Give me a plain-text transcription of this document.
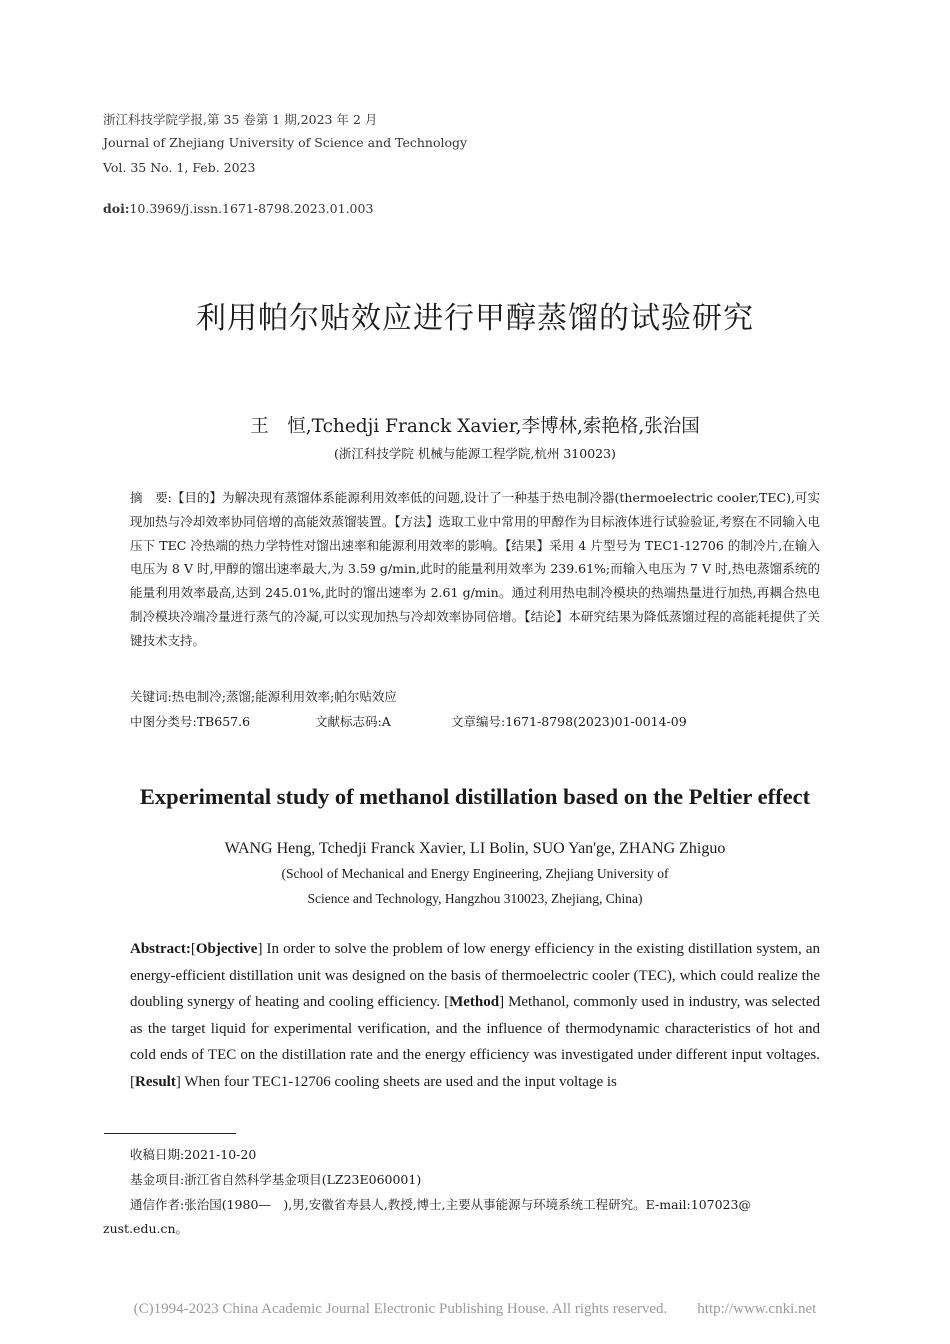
浙江科技学院学报,第 35 卷第 1 期,2023 年 2 月
Journal of Zhejiang University of Science and Technology
Vol. 35 No. 1, Feb. 2023
doi:10.3969/j.issn.1671-8798.2023.01.003
利用帕尔贴效应进行甲醇蒸馏的试验研究
王　恒,Tchedji Franck Xavier,李博林,索艳格,张治国
(浙江科技学院 机械与能源工程学院,杭州 310023)
摘　要:【目的】为解决现有蒸馏体系能源利用效率低的问题,设计了一种基于热电制冷器(thermoelectric cooler,TEC),可实现加热与冷却效率协同倍增的高能效蒸馏装置。【方法】选取工业中常用的甲醇作为目标液体进行试验验证,考察在不同输入电压下 TEC 冷热端的热力学特性对馏出速率和能源利用效率的影响。【结果】采用 4 片型号为 TEC1-12706 的制冷片,在输入电压为 8 V 时,甲醇的馏出速率最大,为 3.59 g/min,此时的能量利用效率为 239.61%;而输入电压为 7 V 时,热电蒸馏系统的能量利用效率最高,达到 245.01%,此时的馏出速率为 2.61 g/min。通过利用热电制冷模块的热端热量进行加热,再耦合热电制冷模块冷端冷量进行蒸气的冷凝,可以实现加热与冷却效率协同倍增。【结论】本研究结果为降低蒸馏过程的高能耗提供了关键技术支持。
关键词:热电制冷;蒸馏;能源利用效率;帕尔贴效应
中图分类号:TB657.6	文献标志码:A	文章编号:1671-8798(2023)01-0014-09
Experimental study of methanol distillation based on the Peltier effect
WANG Heng, Tchedji Franck Xavier, LI Bolin, SUO Yan'ge, ZHANG Zhiguo
(School of Mechanical and Energy Engineering, Zhejiang University of
Science and Technology, Hangzhou 310023, Zhejiang, China)
Abstract:[Objective] In order to solve the problem of low energy efficiency in the existing distillation system, an energy-efficient distillation unit was designed on the basis of thermoelectric cooler (TEC), which could realize the doubling synergy of heating and cooling efficiency. [Method] Methanol, commonly used in industry, was selected as the target liquid for experimental verification, and the influence of thermodynamic characteristics of hot and cold ends of TEC on the distillation rate and the energy efficiency was investigated under different input voltages. [Result] When four TEC1-12706 cooling sheets are used and the input voltage is
收稿日期:2021-10-20
基金项目:浙江省自然科学基金项目(LZ23E060001)
通信作者:张治国(1980—　),男,安徽省寿县人,教授,博士,主要从事能源与环境系统工程研究。E-mail:107023@
zust.edu.cn。
(C)1994-2023 China Academic Journal Electronic Publishing House. All rights reserved.　　http://www.cnki.net
